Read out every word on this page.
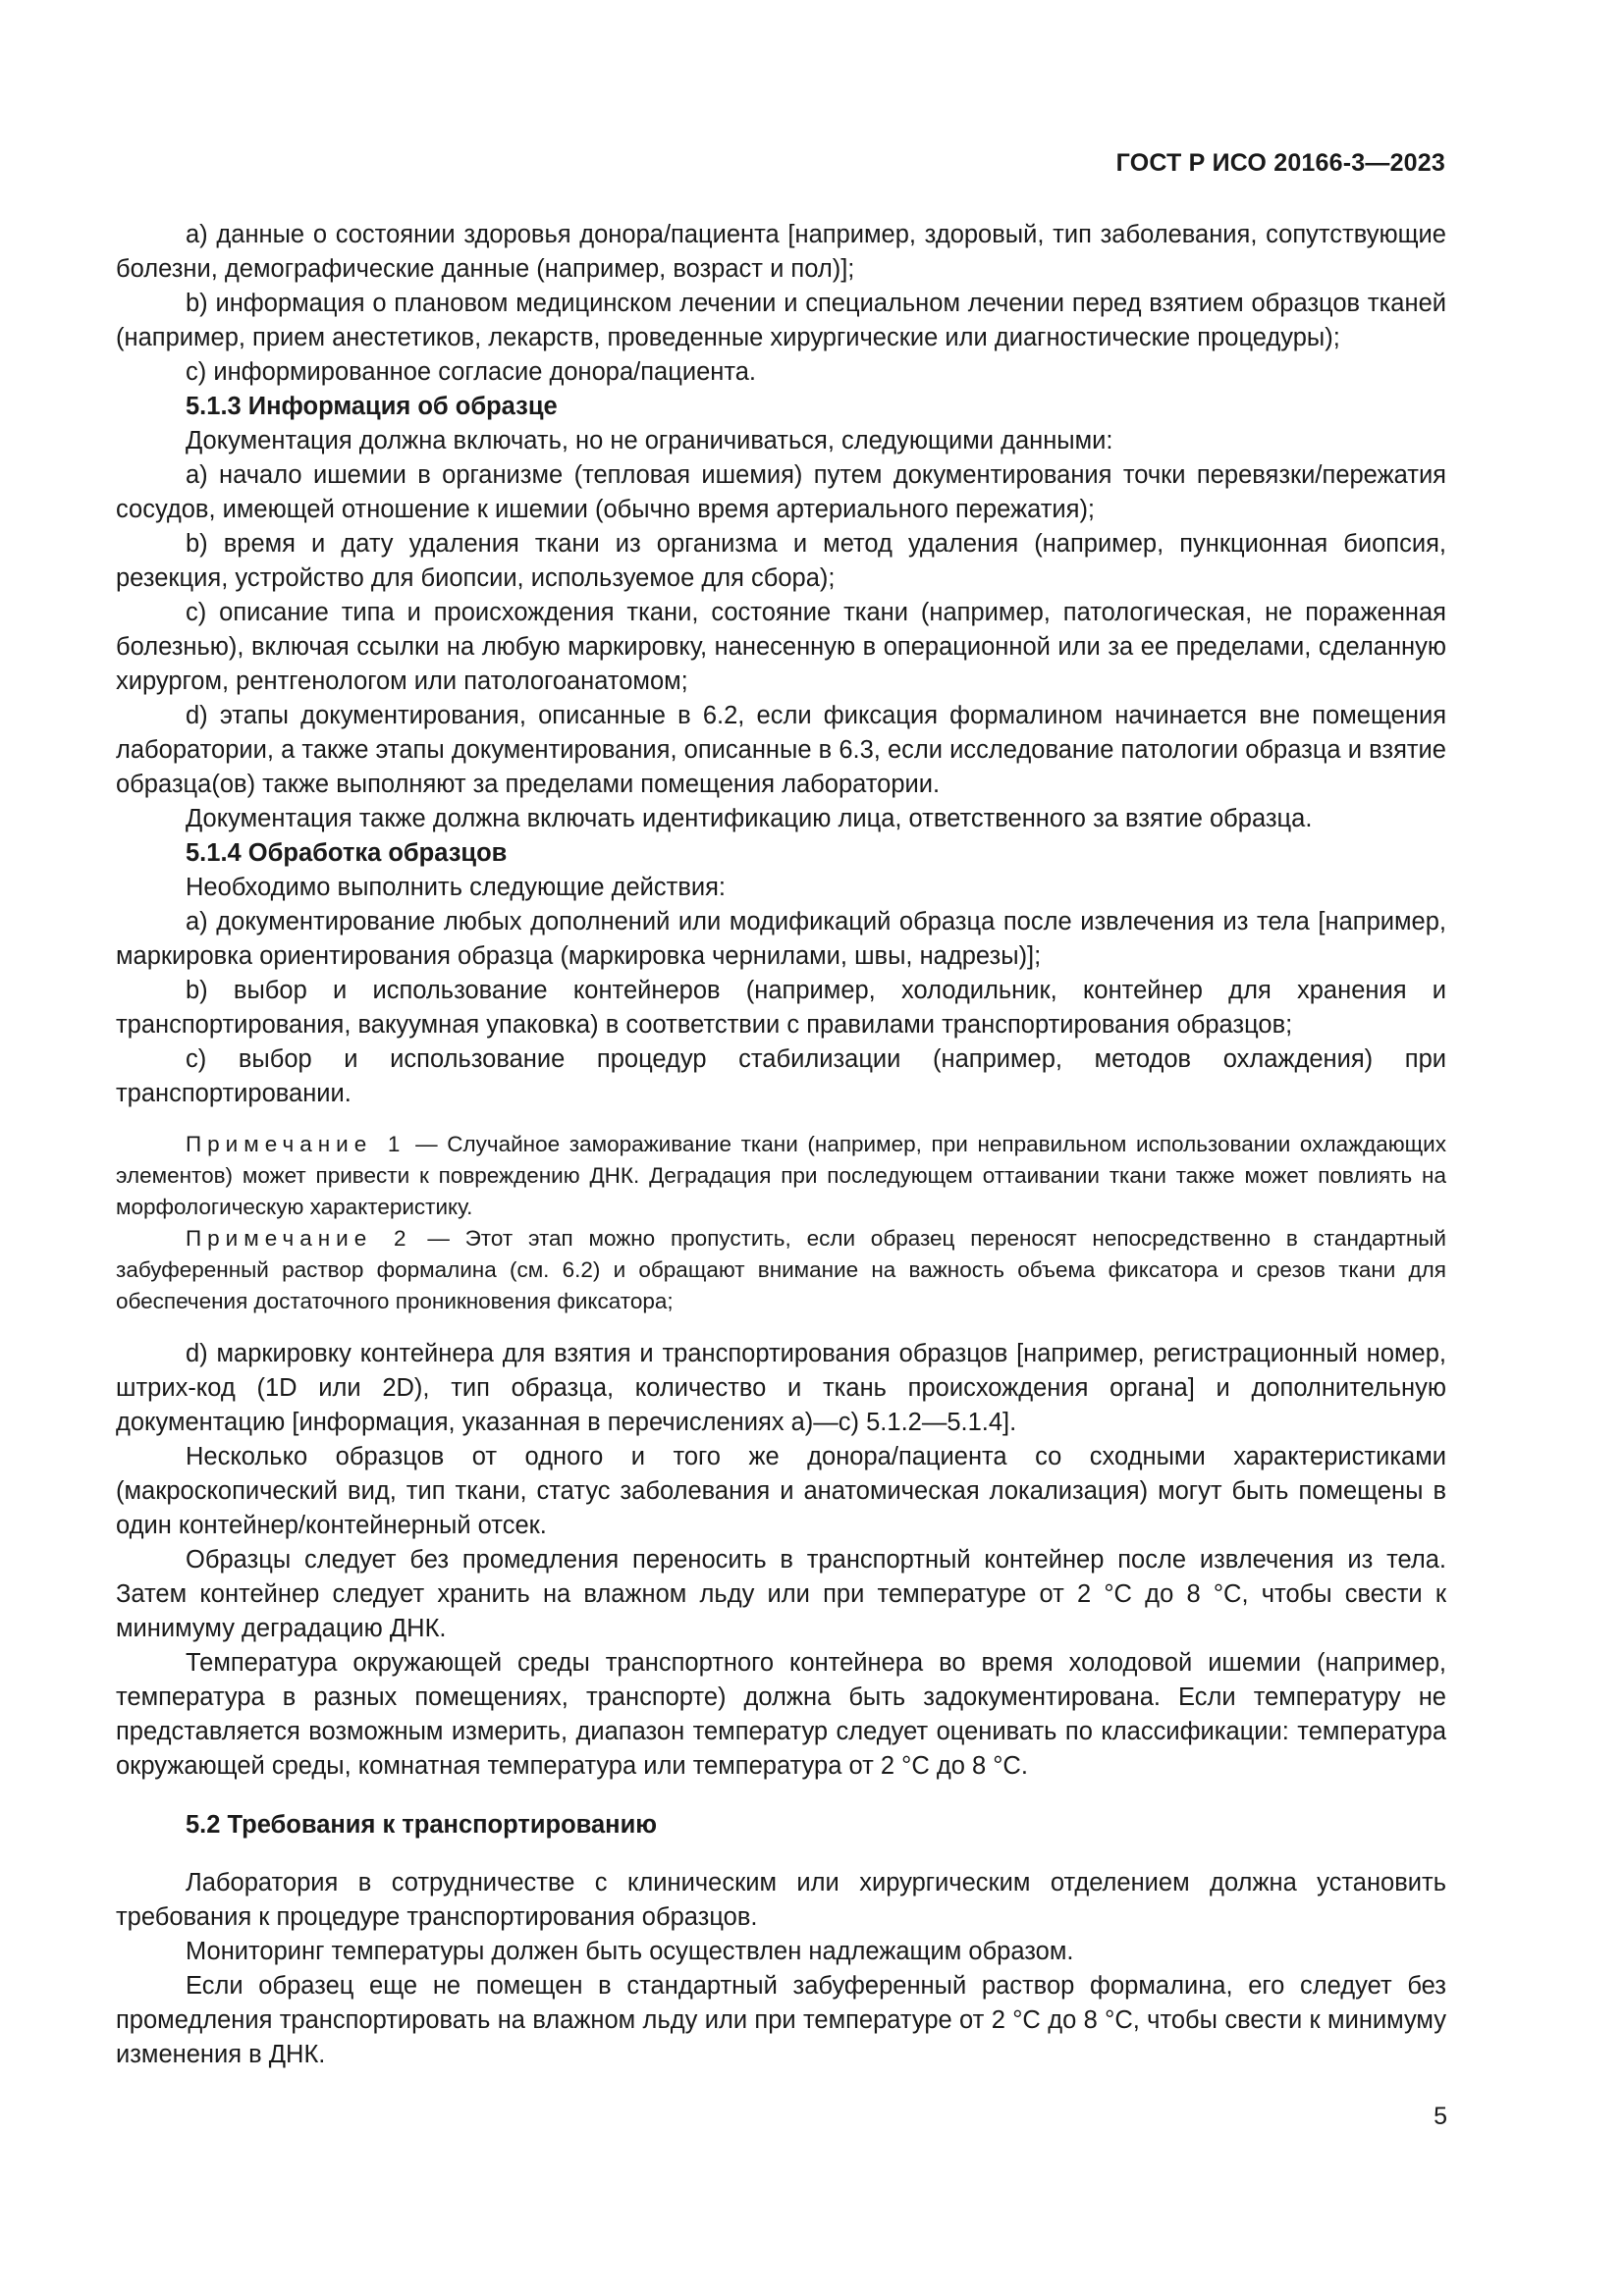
ГОСТ Р ИСО 20166-3—2023

a) данные о состоянии здоровья донора/пациента [например, здоровый, тип заболевания, сопутствующие болезни, демографические данные (например, возраст и пол)];

b) информация о плановом медицинском лечении и специальном лечении перед взятием образцов тканей (например, прием анестетиков, лекарств, проведенные хирургические или диагностические процедуры);

c) информированное согласие донора/пациента.

5.1.3 Информация об образце

Документация должна включать, но не ограничиваться, следующими данными:

a) начало ишемии в организме (тепловая ишемия) путем документирования точки перевязки/пережатия сосудов, имеющей отношение к ишемии (обычно время артериального пережатия);

b) время и дату удаления ткани из организма и метод удаления (например, пункционная биопсия, резекция, устройство для биопсии, используемое для сбора);

c) описание типа и происхождения ткани, состояние ткани (например, патологическая, не пораженная болезнью), включая ссылки на любую маркировку, нанесенную в операционной или за ее пределами, сделанную хирургом, рентгенологом или патологоанатомом;

d) этапы документирования, описанные в 6.2, если фиксация формалином начинается вне помещения лаборатории, а также этапы документирования, описанные в 6.3, если исследование патологии образца и взятие образца(ов) также выполняют за пределами помещения лаборатории.

Документация также должна включать идентификацию лица, ответственного за взятие образца.

5.1.4 Обработка образцов

Необходимо выполнить следующие действия:

a) документирование любых дополнений или модификаций образца после извлечения из тела [например, маркировка ориентирования образца (маркировка чернилами, швы, надрезы)];

b) выбор и использование контейнеров (например, холодильник, контейнер для хранения и транспортирования, вакуумная упаковка) в соответствии с правилами транспортирования образцов;

c) выбор и использование процедур стабилизации (например, методов охлаждения) при транспортировании.

Примечание 1 — Случайное замораживание ткани (например, при неправильном использовании охлаждающих элементов) может привести к повреждению ДНК. Деградация при последующем оттаивании ткани также может повлиять на морфологическую характеристику.

Примечание 2 — Этот этап можно пропустить, если образец переносят непосредственно в стандартный забуференный раствор формалина (см. 6.2) и обращают внимание на важность объема фиксатора и срезов ткани для обеспечения достаточного проникновения фиксатора;

d) маркировку контейнера для взятия и транспортирования образцов [например, регистрационный номер, штрих-код (1D или 2D), тип образца, количество и ткань происхождения органа] и дополнительную документацию [информация, указанная в перечислениях a)—c) 5.1.2—5.1.4].

Несколько образцов от одного и того же донора/пациента со сходными характеристиками (макроскопический вид, тип ткани, статус заболевания и анатомическая локализация) могут быть помещены в один контейнер/контейнерный отсек.

Образцы следует без промедления переносить в транспортный контейнер после извлечения из тела. Затем контейнер следует хранить на влажном льду или при температуре от 2 °C до 8 °C, чтобы свести к минимуму деградацию ДНК.

Температура окружающей среды транспортного контейнера во время холодовой ишемии (например, температура в разных помещениях, транспорте) должна быть задокументирована. Если температуру не представляется возможным измерить, диапазон температур следует оценивать по классификации: температура окружающей среды, комнатная температура или температура от 2 °C до 8 °C.

5.2 Требования к транспортированию

Лаборатория в сотрудничестве с клиническим или хирургическим отделением должна установить требования к процедуре транспортирования образцов.

Мониторинг температуры должен быть осуществлен надлежащим образом.

Если образец еще не помещен в стандартный забуференный раствор формалина, его следует без промедления транспортировать на влажном льду или при температуре от 2 °C до 8 °C, чтобы свести к минимуму изменения в ДНК.

5
